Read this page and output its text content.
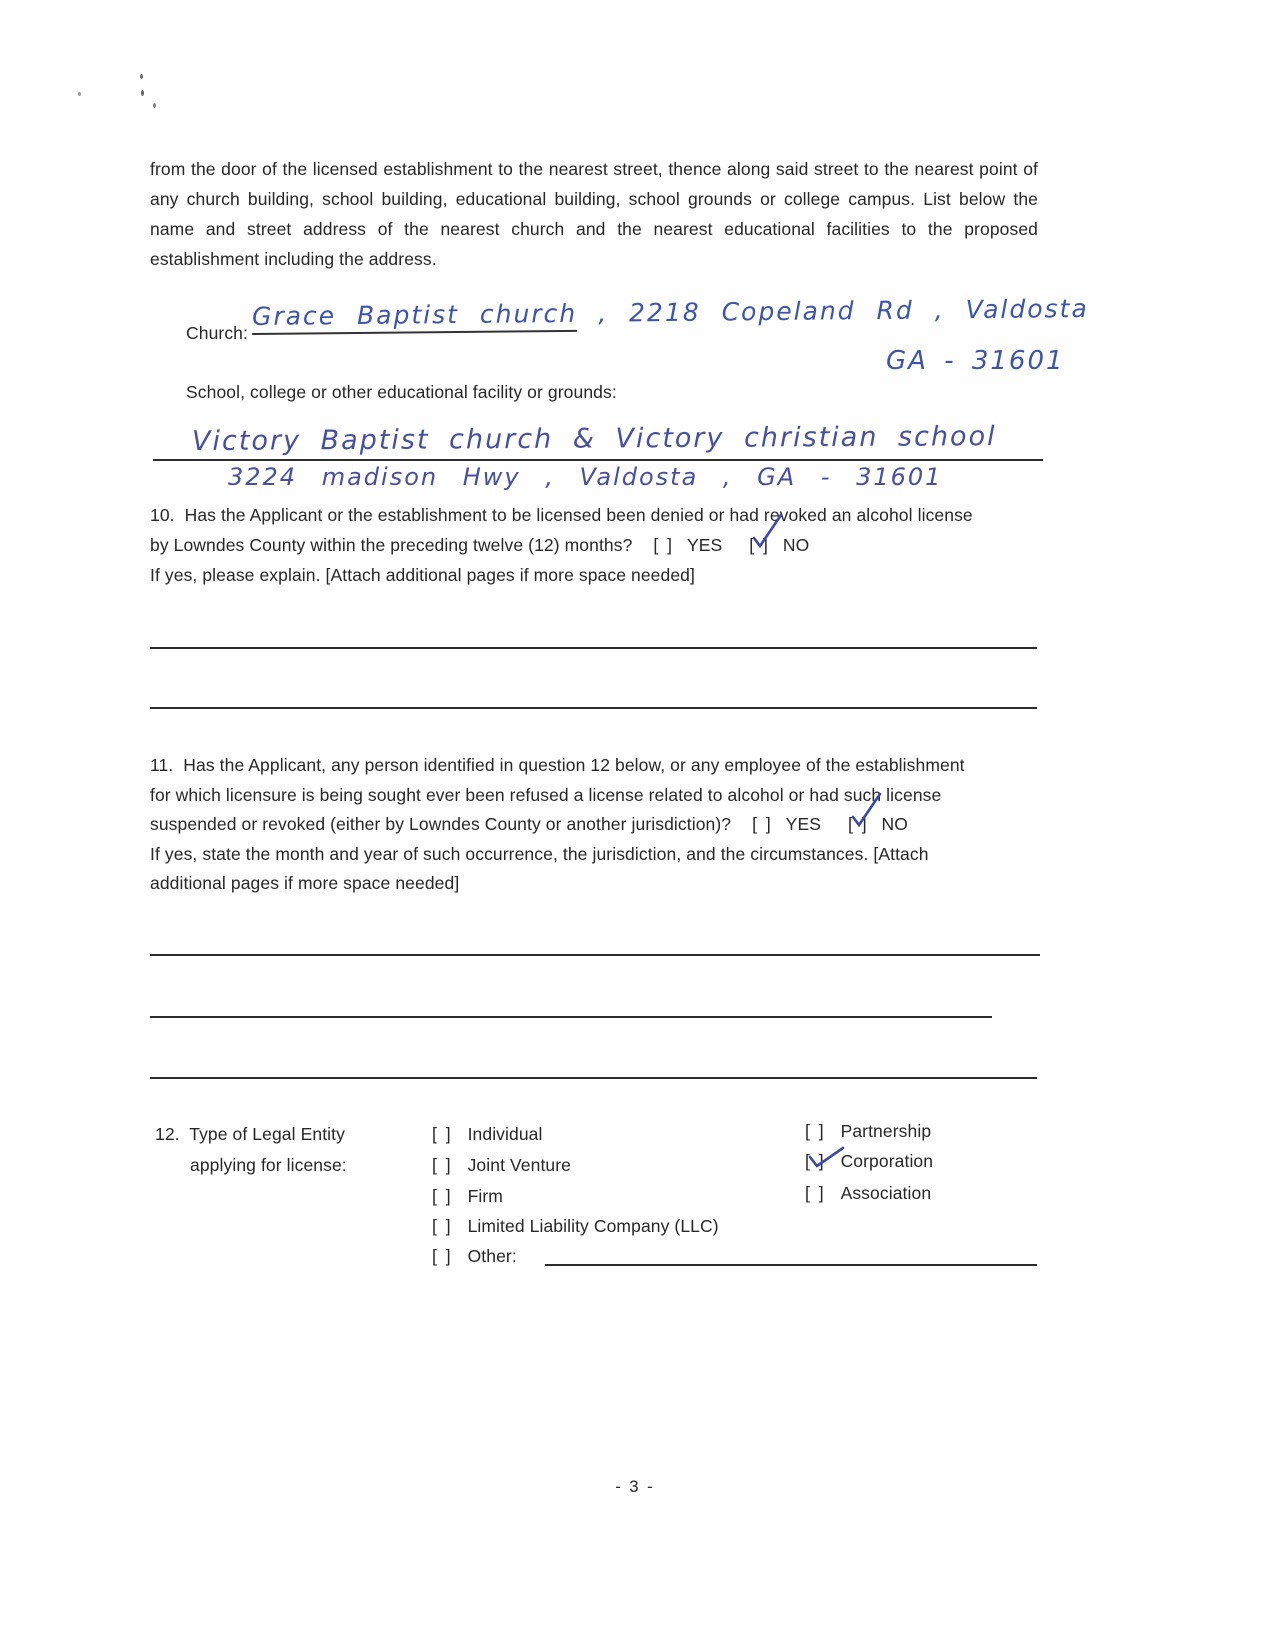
from the door of the licensed establishment to the nearest street, thence along said street to the nearest point of any church building, school building, educational building, school grounds or college campus. List below the name and street address of the nearest church and the nearest educational facilities to the proposed establishment including the address.
Church:
Grace Baptist church , 2218 Copeland Rd , Valdosta
GA - 31601
School, college or other educational facility or grounds:
Victory Baptist church & Victory christian school
3224 madison Hwy , Valdosta , GA - 31601
10. Has the Applicant or the establishment to be licensed been denied or had revoked an alcohol license
by Lowndes County within the preceding twelve (12) months? [ ] YES [ ] NO
If yes, please explain. [Attach additional pages if more space needed]
11. Has the Applicant, any person identified in question 12 below, or any employee of the establishment
for which licensure is being sought ever been refused a license related to alcohol or had such license
suspended or revoked (either by Lowndes County or another jurisdiction)? [ ] YES [ ] NO
If yes, state the month and year of such occurrence, the jurisdiction, and the circumstances. [Attach
additional pages if more space needed]
12. Type of Legal Entity
applying for license:
[ ] Individual
[ ] Joint Venture
[ ] Firm
[ ] Limited Liability Company (LLC)
[ ] Other:
[ ] Partnership
[ ] Corporation
[ ] Association
- 3 -
